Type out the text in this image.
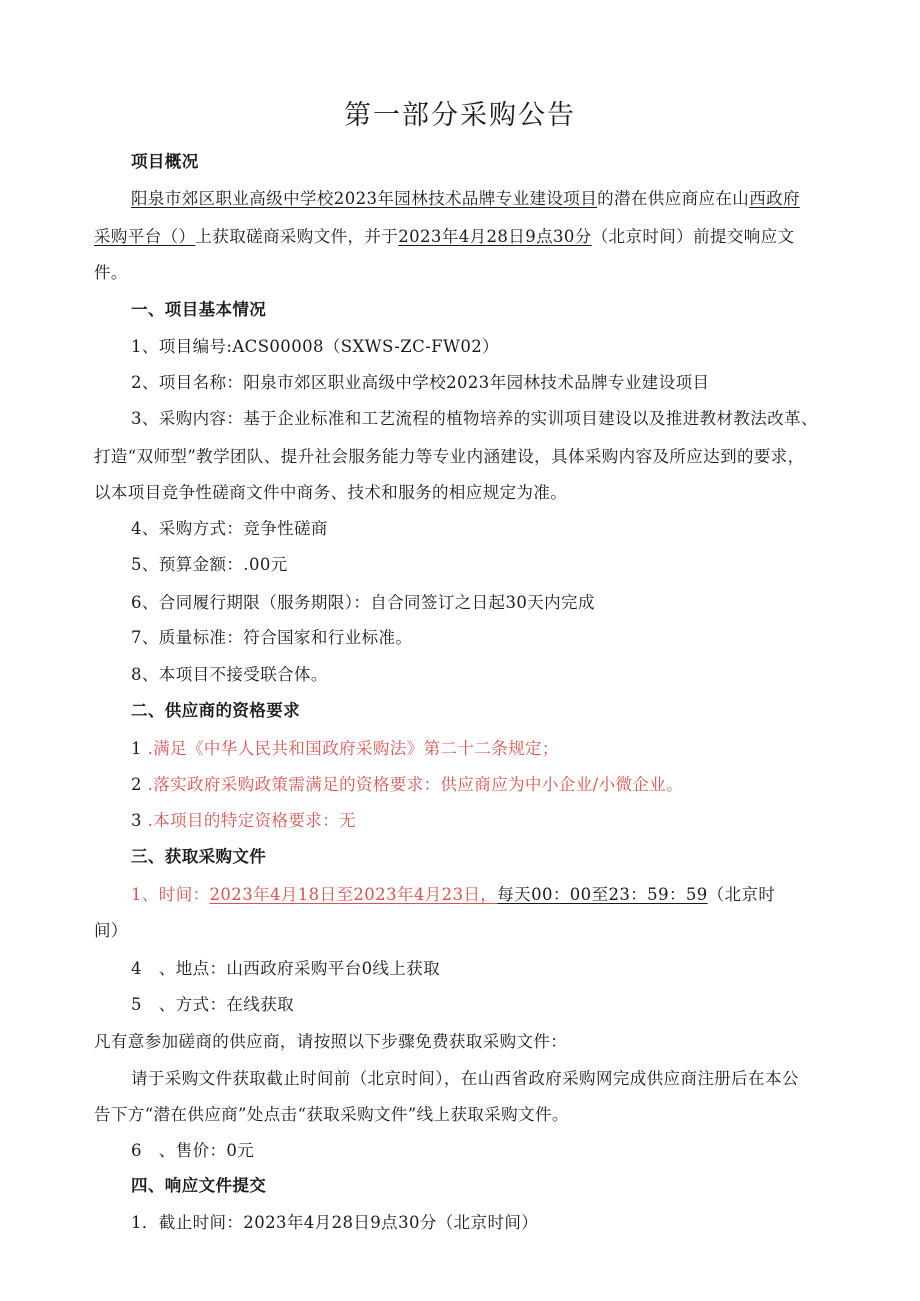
第一部分采购公告
项目概况
阳泉市郊区职业高级中学校2023年园林技术品牌专业建设项目的潜在供应商应在山西政府
采购平台（）上获取磋商采购文件，并于2023年4月28日9点30分（北京时间）前提交响应文
件。
一、项目基本情况
1、项目编号:ACS00008（SXWS-ZC-FW02）
2、项目名称：阳泉市郊区职业高级中学校2023年园林技术品牌专业建设项目
3、采购内容：基于企业标准和工艺流程的植物培养的实训项目建设以及推进教材教法改革、
打造“双师型”教学团队、提升社会服务能力等专业内涵建设，具体采购内容及所应达到的要求，
以本项目竞争性磋商文件中商务、技术和服务的相应规定为准。
4、采购方式：竞争性磋商
5、预算金额：.00元
6、合同履行期限（服务期限）：自合同签订之日起30天内完成
7、质量标准：符合国家和行业标准。
8、本项目不接受联合体。
二、供应商的资格要求
1 .满足《中华人民共和国政府采购法》第二十二条规定；
2 .落实政府采购政策需满足的资格要求：供应商应为中小企业/小微企业。
3 .本项目的特定资格要求：无
三、获取采购文件
1、时间：2023年4月18日至2023年4月23日，每天00：00至23：59：59（北京时
间）
4　、地点：山西政府采购平台0线上获取
5　、方式：在线获取
凡有意参加磋商的供应商，请按照以下步骤免费获取采购文件：
请于采购文件获取截止时间前（北京时间），在山西省政府采购网完成供应商注册后在本公
告下方“潜在供应商”处点击“获取采购文件”线上获取采购文件。
6　、售价：0元
四、响应文件提交
1．截止时间：2023年4月28日9点30分（北京时间）
